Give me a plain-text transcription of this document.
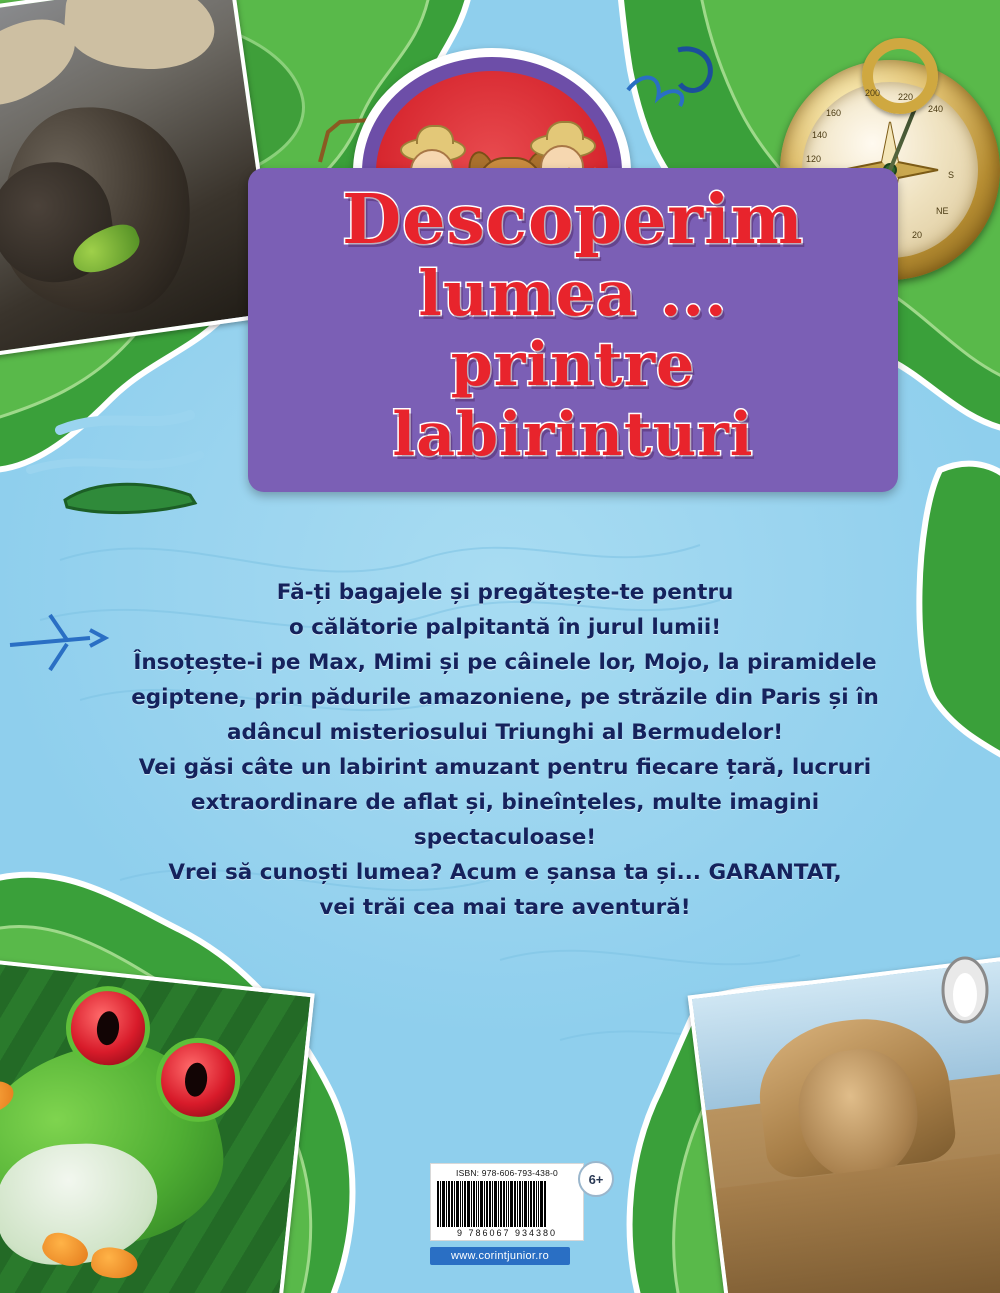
200 220
240
160
140
120
20
NE
S
Descoperim
lumea ...
printre labirinturi

Fă-ți bagajele și pregătește-te pentru

o călătorie palpitantă în jurul lumii!

Însoțește-i pe Max, Mimi și pe câinele lor, Mojo, la piramidele

egiptene, prin pădurile amazoniene, pe străzile din Paris și în

adâncul misteriosului Triunghi al Bermudelor!

Vei găsi câte un labirint amuzant pentru fiecare țară, lucruri

extraordinare de aflat și, bineînțeles, multe imagini spectaculoase!

Vrei să cunoști lumea? Acum e șansa ta și... GARANTAT,

vei trăi cea mai tare aventură!

ISBN: 978-606-793-438-0
9 786067 934380
6+
www.corintjunior.ro
